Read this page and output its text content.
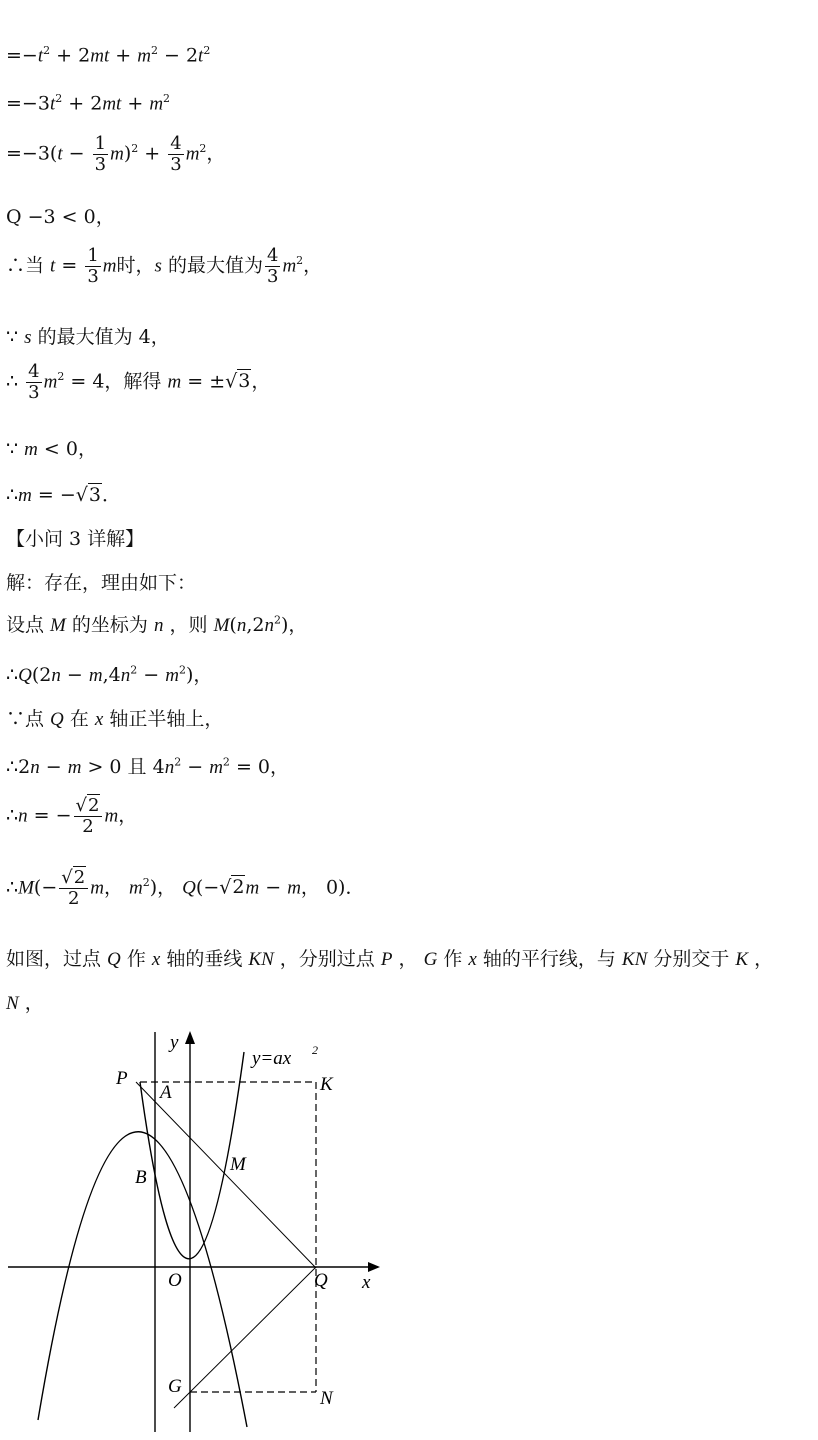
$=-t^2 + 2mt + m^2 - 2t^2$
$=-3t^2 + 2mt + m^2$
$=-3(t - \frac{1}{3} m)^2 + \frac{4}{3} m^2$，
Q −3 < 0，
∴当 $t = \frac{1}{3}$ m时，s 的最大值为 $\frac{4}{3} m^2$，
∵ s 的最大值为 4，
∴ $\frac{4}{3} m^2 = 4$，解得 m = ±√3，
∵ m < 0，
∴m = −√3．
【小问 3 详解】
解：存在，理由如下：
设点 M 的坐标为 n ，则 $M(n,2n^2)$，
∴Q(2n − $m,4n^2 - m^2$)，
∵点 Q 在 x 轴正半轴上，
∴2n − m > 0 且 $4n^2 - m^2 = 0$，
∴n = − $\frac{√2}{2}$ m，
∴M(− $\frac{√2}{2}$ m， $m^2$)， Q(−√2m − m， 0)．
如图，过点 Q 作 x 轴的垂线 KN ，分别过点 P ， G 作 x 轴的平行线，与 KN 分别交于 K ，
N ，
y
y=ax 2
P
A	K
B
M
O	Q x
G
N
